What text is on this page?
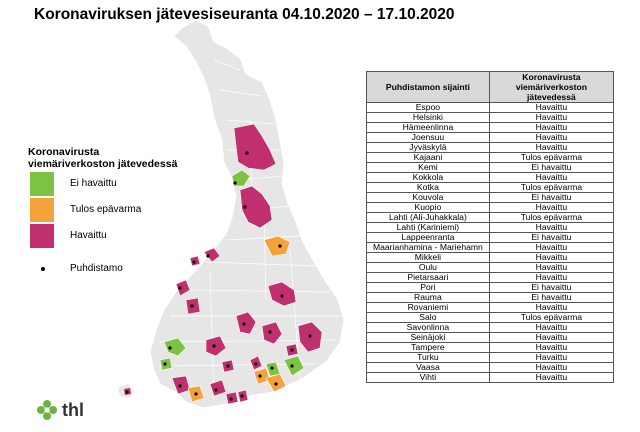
Koronaviruksen jätevesiseuranta 04.10.2020 – 17.10.2020
Koronavirusta
viemäriverkoston jätevedessä
Ei havaittu
Tulos epävarma
Havaittu
Puhdistamo
Puhdistamon sijainti	Koronavirusta viemäriverkoston jätevedessä
Espoo	Havaittu
Helsinki	Havaittu
Hämeenlinna	Havaittu
Joensuu	Havaittu
Jyväskylä	Havaittu
Kajaani	Tulos epävarma
Kemi	Ei havaittu
Kokkola	Havaittu
Kotka	Tulos epävarma
Kouvola	Ei havaittu
Kuopio	Havaittu
Lahti (Ali-Juhakkala)	Tulos epävarma
Lahti (Kariniemi)	Havaittu
Lappeenranta	Ei havaittu
Maarianhamina - Mariehamn	Havaittu
Mikkeli	Havaittu
Oulu	Havaittu
Pietarsaari	Havaittu
Pori	Ei havaittu
Rauma	Ei havaittu
Rovaniemi	Havaittu
Salo	Tulos epävarma
Savonlinna	Havaittu
Seinäjoki	Havaittu
Tampere	Havaittu
Turku	Havaittu
Vaasa	Havaittu
Vihti	Havaittu
thl
